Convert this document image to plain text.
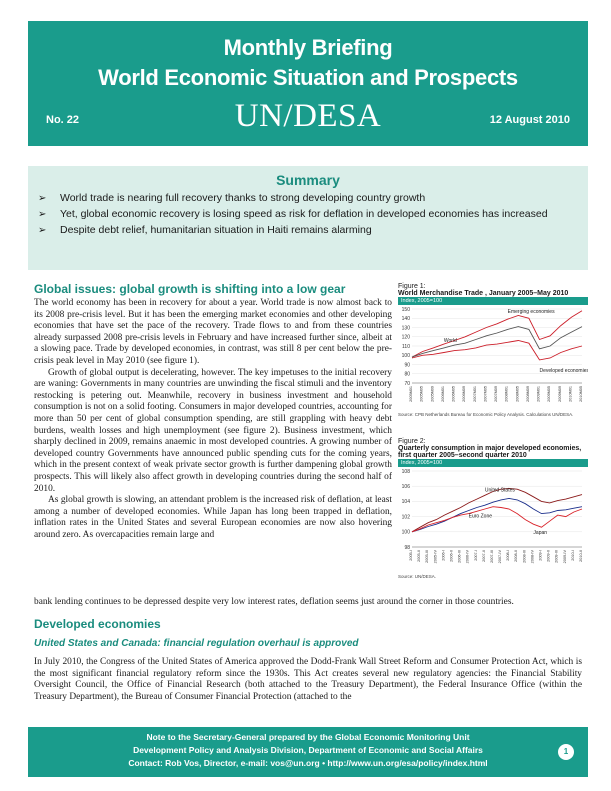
Monthly Briefing
World Economic Situation and Prospects
No. 22	UN/DESA	12 August 2010
Summary
➢ World trade is nearing full recovery thanks to strong developing country growth
➢ Yet, global economic recovery is losing speed as risk for deflation in developed economies has increased
➢ Despite debt relief, humanitarian situation in Haiti remains alarming
Global issues: global growth is shifting into a low gear

The world economy has been in recovery for about a year. World trade is now almost back to its 2008 pre-crisis level. But it has been the emerging market economies and other developing economies that have set the pace of the recovery. Trade flows to and from these countries already surpassed 2008 pre-crisis levels in February and have increased further since, albeit at a slowing pace. Trade by developed economies, in contrast, was still 8 per cent below the pre-crisis peak level in May 2010 (see figure 1).

Growth of global output is decelerating, however. The key impetuses to the initial recovery are waning: Governments in many countries are unwinding the fiscal stimuli and the inventory restocking is petering out. Meanwhile, recovery in business investment and household consumption is not on a solid footing. Consumers in major developed countries, accounting for more than 50 per cent of global consumption spending, are still grappling with heavy debt burdens, wealth losses and high unemployment (see figure 2). Business investment, which sharply declined in 2009, remains anaemic in most developed countries. A growing number of developed country Governments have announced public spending cuts for the coming years, which in the present context of weak private sector growth is further dampening global growth prospects. This will likely also affect growth in developing countries during the second half of 2010.

As global growth is slowing, an attendant problem is the increased risk of deflation, at least among a number of developed economies. While Japan has long been trapped in deflation, inflation rates in the United States and several European economies are now also hovering around zero. As overcapacities remain large and

bank lending continues to be depressed despite very low interest rates, deflation seems just around the corner in those countries.
Figure 1:
World Merchandise Trade , January 2005–May 2010
Index, 2005=100
70
80
90
100
110
120
130
140
150
2005M01 2005M05 2005M09 2006M01 2006M05 2006M09 2007M01 2007M05 2007M09 2008M01 2008M05 2008M09 2009M01 2009M05 2009M09 2010M01 2010M05
Emerging economies
World
Developed economies
Source: CPB Netherlands Bureau for Economic Policy Analysis. Calculations UN/DESA.
Figure 2:
Quarterly consumption in major developed economies, first quarter 2005–second quarter 2010
Index, 2005=100
98
100
102
104
106
108
2005-I 2005-II 2005-III 2005-IV 2006-I 2006-II 2006-III 2006-IV 2007-I 2007-II 2007-III 2007-IV 2008-I 2008-II 2008-III 2008-IV 2009-I 2009-II 2009-III 2009-IV 2010-I 2010-II
United States
Euro Zone
Japan
Source: UN/DESA.
Developed economies
United States and Canada: financial regulation overhaul is approved
In July 2010, the Congress of the United States of America approved the Dodd-Frank Wall Street Reform and Consumer Protection Act, which is the most significant financial regulatory reform since the 1930s. This Act creates several new regulatory agencies: the Financial Stability Oversight Council, the Office of Financial Research (both attached to the Treasury Department), the Federal Insurance Office (within the Treasury Department), the Bureau of Consumer Financial Protection (attached to the
Note to the Secretary-General prepared by the Global Economic Monitoring Unit
Development Policy and Analysis Division, Department of Economic and Social Affairs
Contact: Rob Vos, Director, e-mail: vos@un.org • http://www.un.org/esa/policy/index.html
1
